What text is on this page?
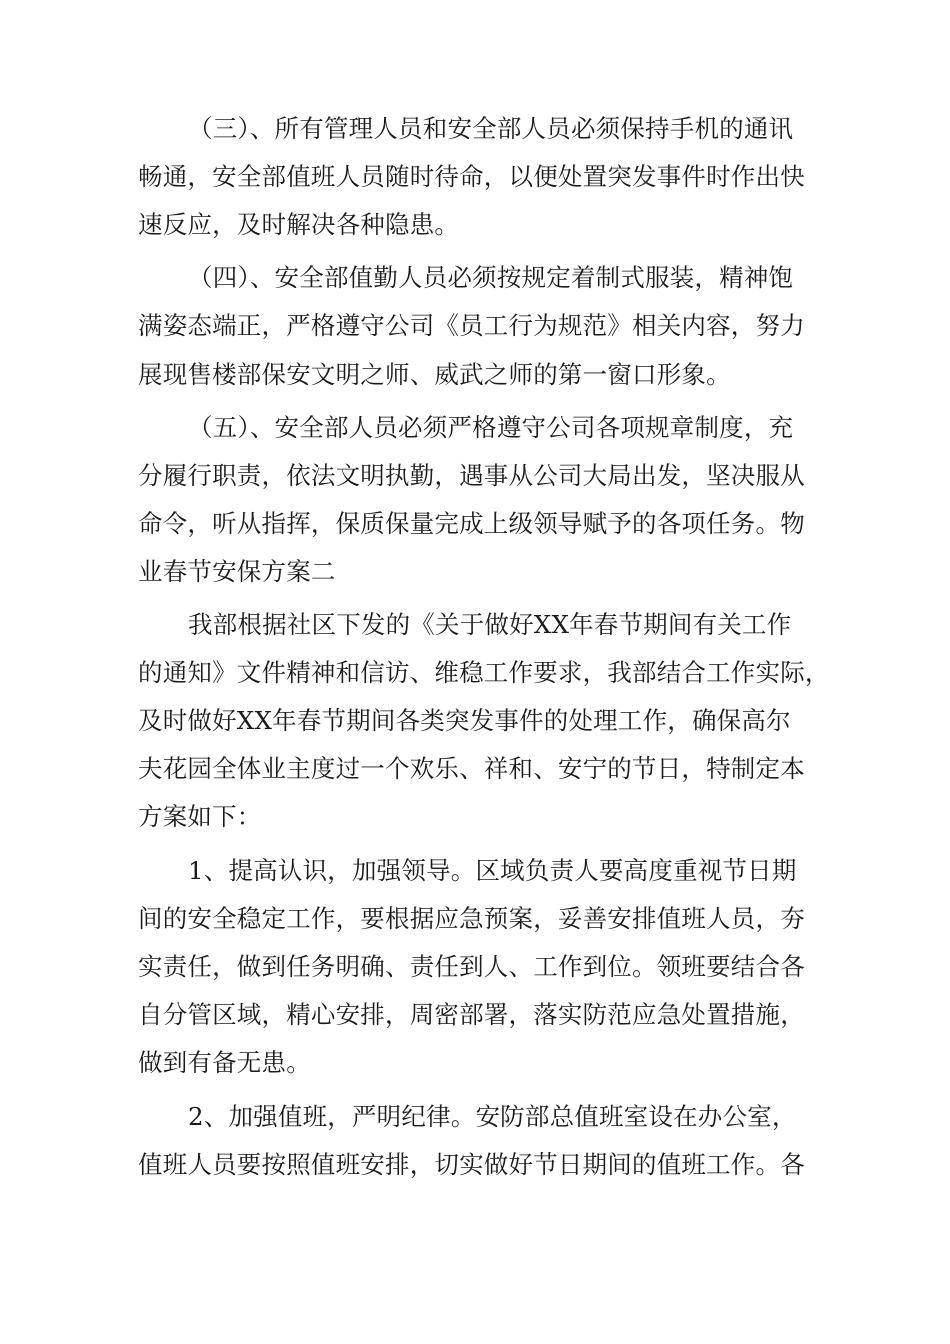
（三）、所有管理人员和安全部人员必须保持手机的通讯
畅通，安全部值班人员随时待命，以便处置突发事件时作出快
速反应，及时解决各种隐患。
（四）、安全部值勤人员必须按规定着制式服装，精神饱
满姿态端正，严格遵守公司《员工行为规范》相关内容，努力
展现售楼部保安文明之师、威武之师的第一窗口形象。
（五）、安全部人员必须严格遵守公司各项规章制度，充
分履行职责，依法文明执勤，遇事从公司大局出发，坚决服从
命令，听从指挥，保质保量完成上级领导赋予的各项任务。物
业春节安保方案二
我部根据社区下发的《关于做好XX年春节期间有关工作
的通知》文件精神和信访、维稳工作要求，我部结合工作实际，
及时做好XX年春节期间各类突发事件的处理工作，确保高尔
夫花园全体业主度过一个欢乐、祥和、安宁的节日，特制定本
方案如下：
1、提高认识，加强领导。区域负责人要高度重视节日期
间的安全稳定工作，要根据应急预案，妥善安排值班人员，夯
实责任，做到任务明确、责任到人、工作到位。领班要结合各
自分管区域，精心安排，周密部署，落实防范应急处置措施，
做到有备无患。
2、加强值班，严明纪律。安防部总值班室设在办公室，
值班人员要按照值班安排，切实做好节日期间的值班工作。各
